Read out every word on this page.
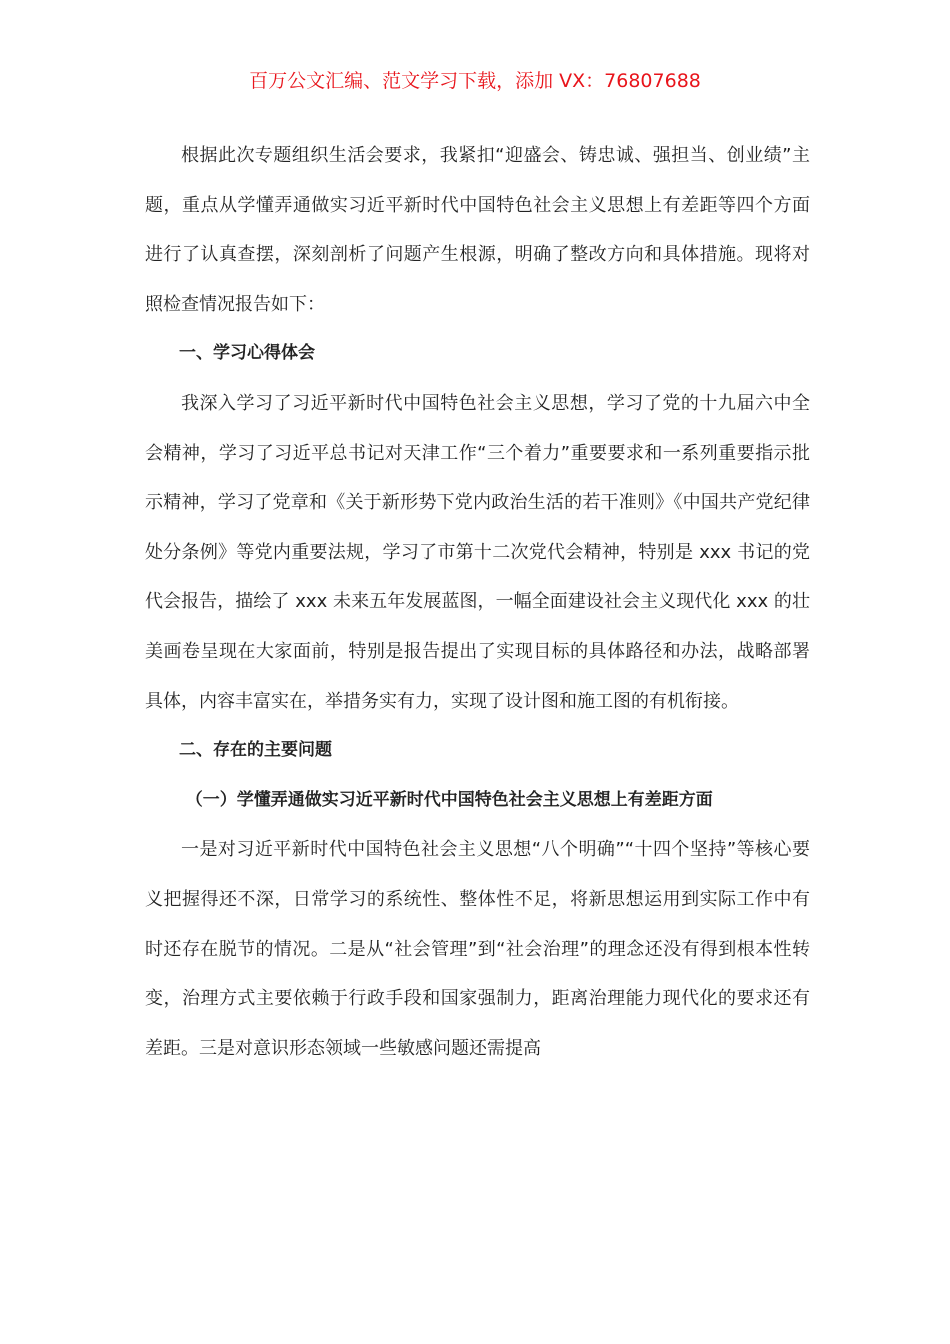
百万公文汇编、范文学习下载，添加 VX：76807688

根据此次专题组织生活会要求，我紧扣“迎盛会、铸忠诚、强担当、创业绩”主题，重点从学懂弄通做实习近平新时代中国特色社会主义思想上有差距等四个方面进行了认真查摆，深刻剖析了问题产生根源，明确了整改方向和具体措施。现将对照检查情况报告如下：

一、学习心得体会

我深入学习了习近平新时代中国特色社会主义思想，学习了党的十九届六中全会精神，学习了习近平总书记对天津工作“三个着力”重要要求和一系列重要指示批示精神，学习了党章和《关于新形势下党内政治生活的若干准则》《中国共产党纪律处分条例》等党内重要法规，学习了市第十二次党代会精神，特别是 xxx 书记的党代会报告，描绘了 xxx 未来五年发展蓝图，一幅全面建设社会主义现代化 xxx 的壮美画卷呈现在大家面前，特别是报告提出了实现目标的具体路径和办法，战略部署具体，内容丰富实在，举措务实有力，实现了设计图和施工图的有机衔接。

二、存在的主要问题

（一）学懂弄通做实习近平新时代中国特色社会主义思想上有差距方面

一是对习近平新时代中国特色社会主义思想“八个明确”“十四个坚持”等核心要义把握得还不深，日常学习的系统性、整体性不足，将新思想运用到实际工作中有时还存在脱节的情况。二是从“社会管理”到“社会治理”的理念还没有得到根本性转变，治理方式主要依赖于行政手段和国家强制力，距离治理能力现代化的要求还有差距。三是对意识形态领域一些敏感问题还需提高
